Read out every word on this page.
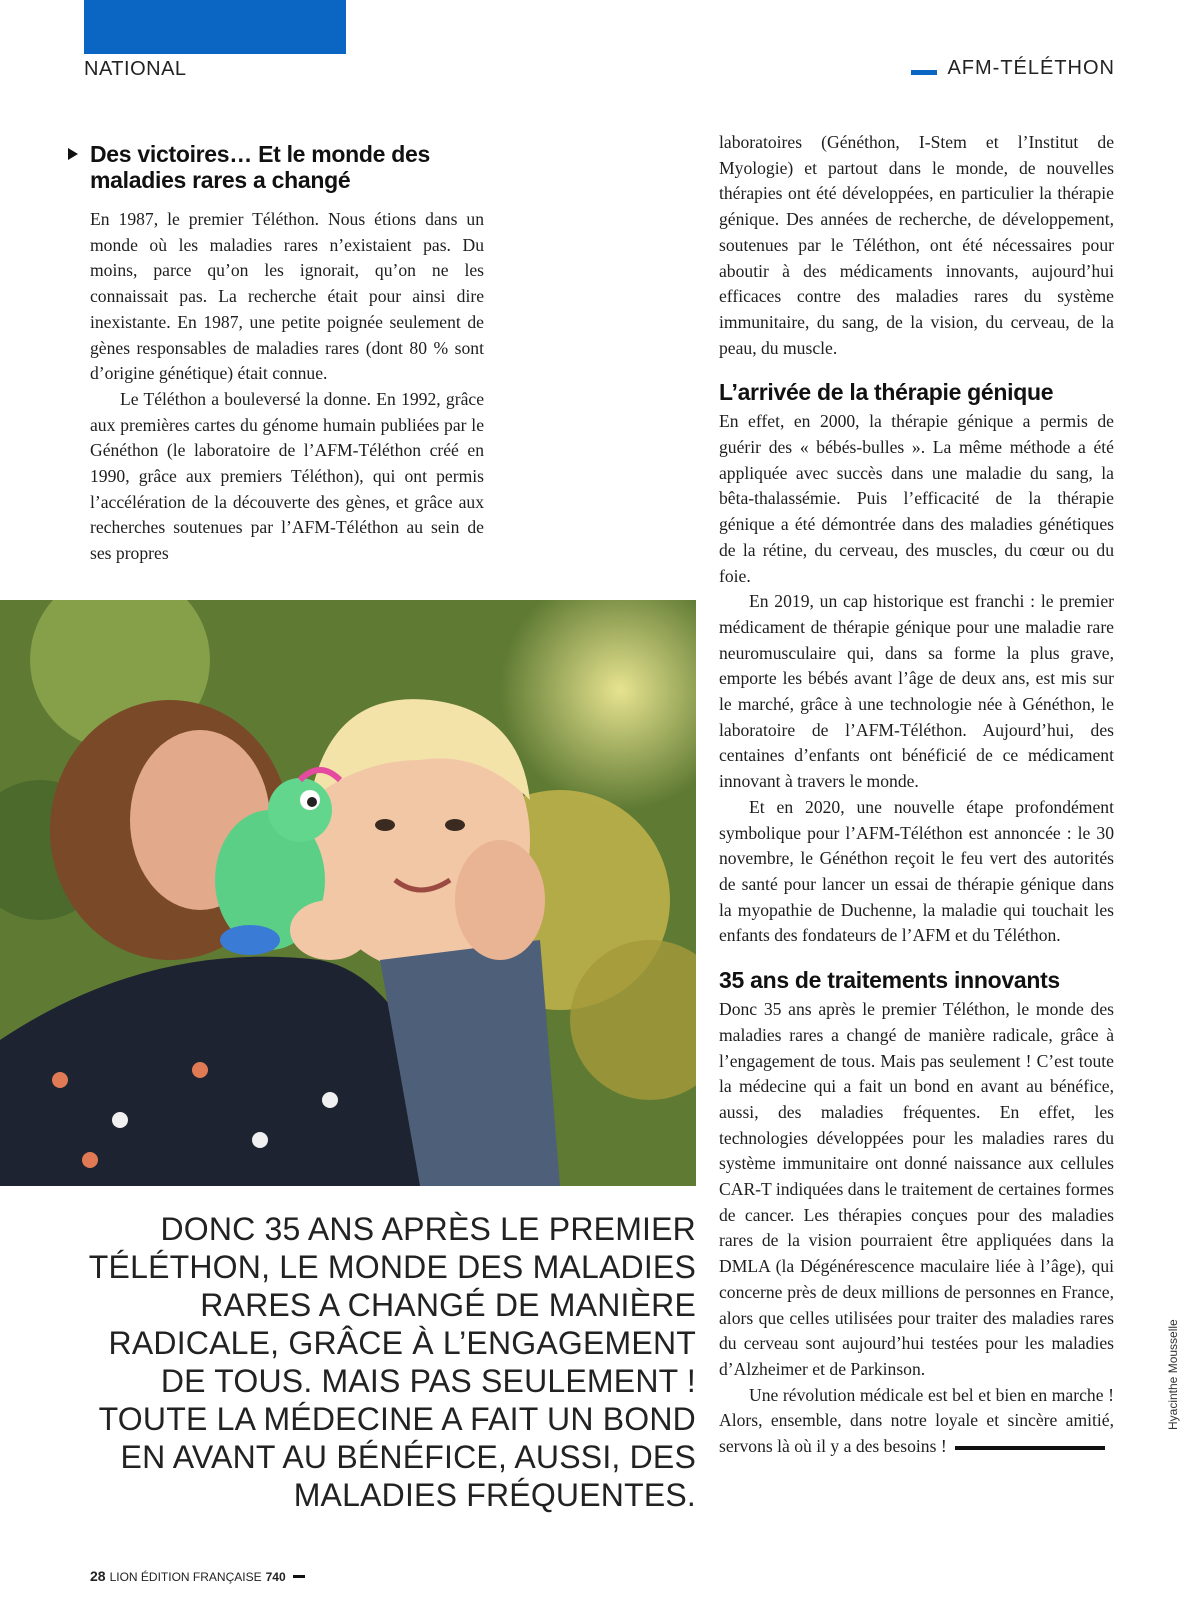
NATIONAL	AFM-TÉLÉTHON
Des victoires… Et le monde des maladies rares a changé

En 1987, le premier Téléthon. Nous étions dans un monde où les maladies rares n’existaient pas. Du moins, parce qu’on les ignorait, qu’on ne les connaissait pas. La recherche était pour ainsi dire inexistante. En 1987, une petite poignée seulement de gènes responsables de maladies rares (dont 80 % sont d’origine génétique) était connue.

Le Téléthon a bouleversé la donne. En 1992, grâce aux premières cartes du génome humain publiées par le Généthon (le laboratoire de l’AFM-Téléthon créé en 1990, grâce aux premiers Téléthon), qui ont permis l’accélération de la découverte des gènes, et grâce aux recherches soutenues par l’AFM-Téléthon au sein de ses propres

DONC 35 ANS APRÈS LE PREMIER TÉLÉTHON, LE MONDE DES MALADIES RARES A CHANGÉ DE MANIÈRE RADICALE, GRÂCE À L’ENGAGEMENT DE TOUS. MAIS PAS SEULEMENT ! TOUTE LA MÉDECINE A FAIT UN BOND EN AVANT AU BÉNÉFICE, AUSSI, DES MALADIES FRÉQUENTES.

laboratoires (Généthon, I-Stem et l’Institut de Myologie) et partout dans le monde, de nouvelles thérapies ont été développées, en particulier la thérapie génique. Des années de recherche, de développement, soutenues par le Téléthon, ont été nécessaires pour aboutir à des médicaments innovants, aujourd’hui efficaces contre des maladies rares du système immunitaire, du sang, de la vision, du cerveau, de la peau, du muscle.

L’arrivée de la thérapie génique

En effet, en 2000, la thérapie génique a permis de guérir des « bébés-bulles ». La même méthode a été appliquée avec succès dans une maladie du sang, la bêta-thalassémie. Puis l’efficacité de la thérapie génique a été démontrée dans des maladies génétiques de la rétine, du cerveau, des muscles, du cœur ou du foie.

En 2019, un cap historique est franchi : le premier médicament de thérapie génique pour une maladie rare neuromusculaire qui, dans sa forme la plus grave, emporte les bébés avant l’âge de deux ans, est mis sur le marché, grâce à une technologie née à Généthon, le laboratoire de l’AFM-Téléthon. Aujourd’hui, des centaines d’enfants ont bénéficié de ce médicament innovant à travers le monde.

Et en 2020, une nouvelle étape profondément symbolique pour l’AFM-Téléthon est annoncée : le 30 novembre, le Généthon reçoit le feu vert des autorités de santé pour lancer un essai de thérapie génique dans la myopathie de Duchenne, la maladie qui touchait les enfants des fondateurs de l’AFM et du Téléthon.

35 ans de traitements innovants

Donc 35 ans après le premier Téléthon, le monde des maladies rares a changé de manière radicale, grâce à l’engagement de tous. Mais pas seulement ! C’est toute la médecine qui a fait un bond en avant au bénéfice, aussi, des maladies fréquentes. En effet, les technologies développées pour les maladies rares du système immunitaire ont donné naissance aux cellules CAR-T indiquées dans le traitement de certaines formes de cancer. Les thérapies conçues pour des maladies rares de la vision pourraient être appliquées dans la DMLA (la Dégénérescence maculaire liée à l’âge), qui concerne près de deux millions de personnes en France, alors que celles utilisées pour traiter des maladies rares du cerveau sont aujourd’hui testées pour les maladies d’Alzheimer et de Parkinson.

Une révolution médicale est bel et bien en marche ! Alors, ensemble, dans notre loyale et sincère amitié, servons là où il y a des besoins !

Hyacinthe Mousselle
28 LION ÉDITION FRANÇAISE 740
